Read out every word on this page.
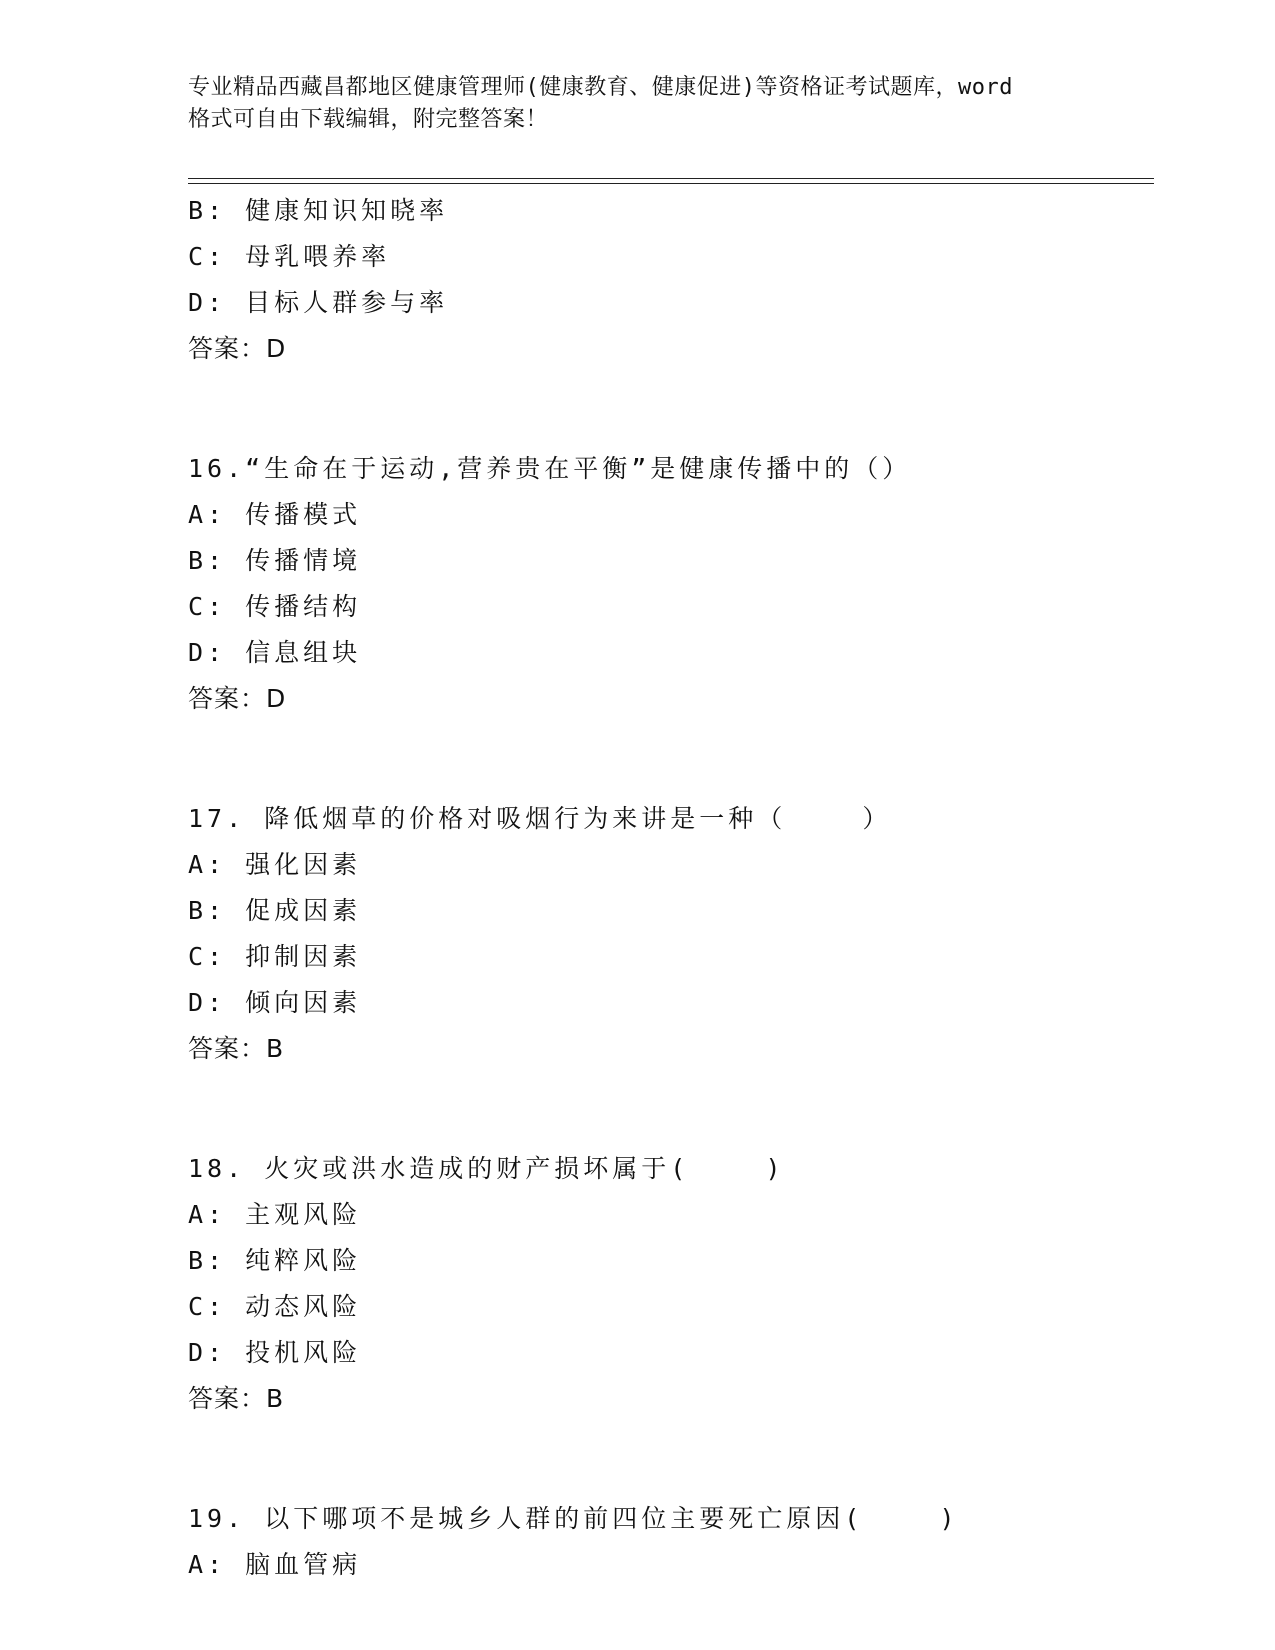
专业精品西藏昌都地区健康管理师(健康教育、健康促进)等资格证考试题库，word
格式可自由下载编辑，附完整答案！
B: 健康知识知晓率
C: 母乳喂养率
D: 目标人群参与率
答案：D
16.“生命在于运动,营养贵在平衡”是健康传播中的（）
A: 传播模式
B: 传播情境
C: 传播结构
D: 信息组块
答案：D
17. 降低烟草的价格对吸烟行为来讲是一种（    ）
A: 强化因素
B: 促成因素
C: 抑制因素
D: 倾向因素
答案：B
18. 火灾或洪水造成的财产损坏属于(    )
A: 主观风险
B: 纯粹风险
C: 动态风险
D: 投机风险
答案：B
19. 以下哪项不是城乡人群的前四位主要死亡原因(    )
A: 脑血管病
